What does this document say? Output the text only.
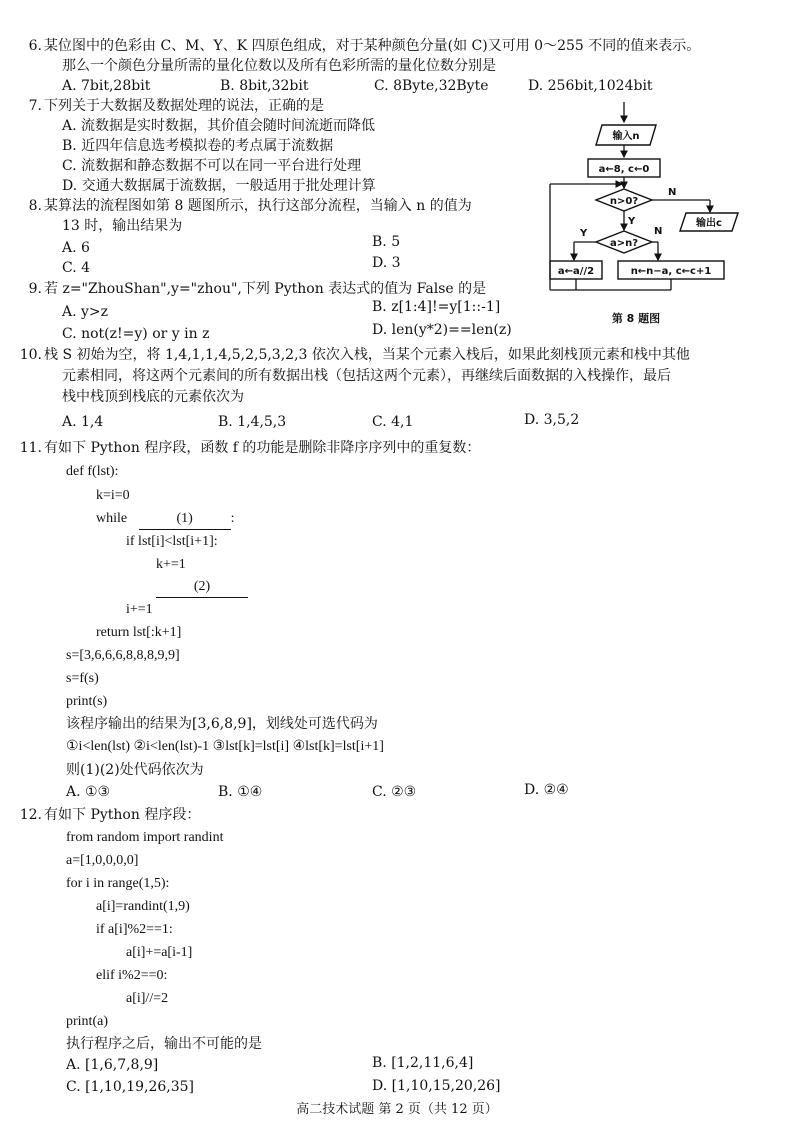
6. 某位图中的色彩由 C、M、Y、K 四原色组成，对于某种颜色分量(如 C)又可用 0～255 不同的值来表示。
那么一个颜色分量所需的量化位数以及所有色彩所需的量化位数分别是
A. 7bit,28bit	B. 8bit,32bit	C. 8Byte,32Byte	D. 256bit,1024bit
7. 下列关于大数据及数据处理的说法，正确的是
A. 流数据是实时数据，其价值会随时间流逝而降低
B. 近四年信息选考模拟卷的考点属于流数据
C. 流数据和静态数据不可以在同一平台进行处理
D. 交通大数据属于流数据，一般适用于批处理计算
8. 某算法的流程图如第 8 题图所示，执行这部分流程，当输入 n 的值为
13 时，输出结果为
A. 6	B. 5
C. 4	D. 3
输入n
a←8, c←0
n>0?
N
输出c
Y
a>n?
Y	N
a←a//2	n←n−a, c←c+1
第 8 题图
9. 若 z="ZhouShan",y="zhou",下列 Python 表达式的值为 False 的是
A. y>z	B. z[1:4]!=y[1::-1]
C. not(z!=y) or y in z	D. len(y*2)==len(z)
10. 栈 S 初始为空，将 1,4,1,1,4,5,2,5,3,2,3 依次入栈，当某个元素入栈后，如果此刻栈顶元素和栈中其他
元素相同，将这两个元素间的所有数据出栈（包括这两个元素），再继续后面数据的入栈操作，最后
栈中栈顶到栈底的元素依次为
A. 1,4	B. 1,4,5,3	C. 4,1	D. 3,5,2
11. 有如下 Python 程序段，函数 f 的功能是删除非降序序列中的重复数：
def f(lst):
k=i=0
while	(1)	:
if lst[i]<lst[i+1]:
k+=1
(2)
i+=1
return lst[:k+1]
s=[3,6,6,6,8,8,8,9,9]
s=f(s)
print(s)
该程序输出的结果为[3,6,8,9]，划线处可选代码为
①i<len(lst) ②i<len(lst)-1 ③lst[k]=lst[i] ④lst[k]=lst[i+1]
则(1)(2)处代码依次为
A. ①③	B. ①④	C. ②③	D. ②④
12. 有如下 Python 程序段：
from random import randint
a=[1,0,0,0,0]
for i in range(1,5):
a[i]=randint(1,9)
if a[i]%2==1:
a[i]+=a[i-1]
elif i%2==0:
a[i]//=2
print(a)
执行程序之后，输出不可能的是
A. [1,6,7,8,9]	B. [1,2,11,6,4]
C. [1,10,19,26,35]	D. [1,10,15,20,26]
高二技术试题 第 2 页（共 12 页）
